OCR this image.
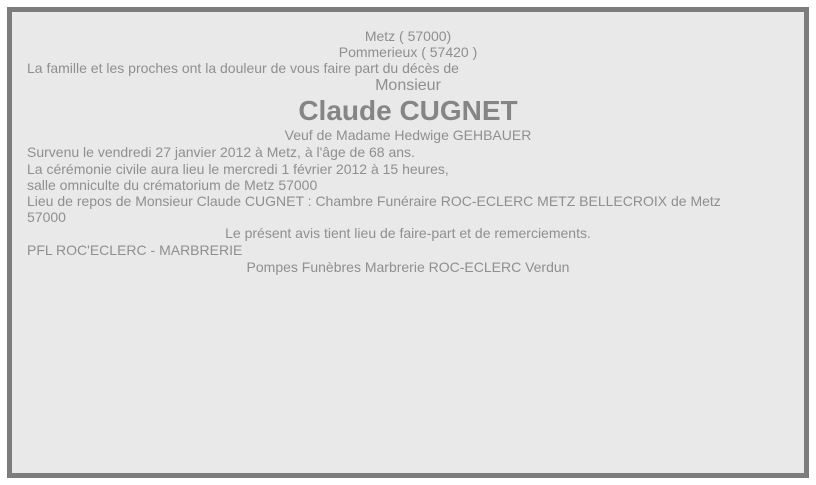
Metz ( 57000)
Pommerieux ( 57420 )

La famille et les proches ont la douleur de vous faire part du décès de

Monsieur

Claude CUGNET

Veuf de Madame Hedwige GEHBAUER

Survenu le vendredi 27 janvier 2012 à Metz, à l'âge de 68 ans.

La cérémonie civile aura lieu le mercredi 1 février 2012 à 15 heures,
salle omniculte du crématorium de Metz 57000

Lieu de repos de Monsieur Claude CUGNET : Chambre Funéraire ROC-ECLERC METZ BELLECROIX de Metz
57000

Le présent avis tient lieu de faire-part et de remerciements.

PFL ROC'ECLERC - MARBRERIE

Pompes Funèbres Marbrerie ROC-ECLERC Verdun
